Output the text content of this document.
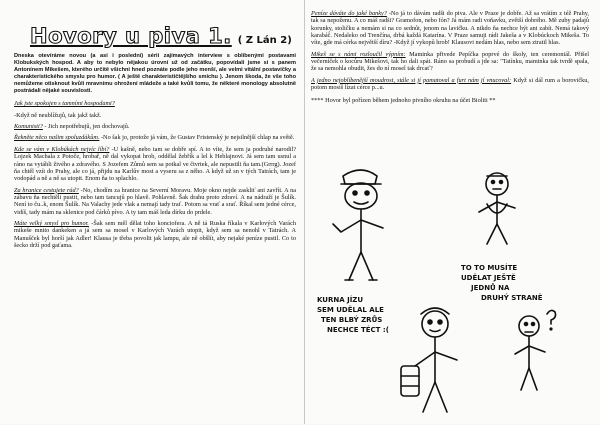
Hovory u piva 1. ( Z Lán 2)
Dneska otevíráme novou (a asi i poslední) sérii zajímavých interview s oblíbenými postavami Klobukských hospod. A aby to nebylo nějakou úrovní už od začátku, popovídali jsme si s panem Antonínem Mikešem, kterého určitě všichni hned poznáte podle jeho menší, ale velmi vitální postavičky a charakteristického smyslu pro humor. ( A ještě charakterističtějšího smíchu ). Jenom škoda, že vše toho nemůžeme otisknout kvůli mravnímu ohrožení mládeže a také kvůli tomu, že některé monology absolutně postrádali nějaké souvislosti.

Jak jste spokojen s tamními hospodami?

-Když ně neublížujů, tak jakž takž.

Komunisti? - Jich nepotřebujů, jen dochovajů.

Řekněte něco našim spoluzdákům. -No šak jo, protože já vám, že Gustav Fristenský je nejsilnější chlap na světě.

Kde se vám v Klobúkách nejvíc líbí? -U kašně, nebo tam se dobře spí. A to víte, že sem ja podruhé narodil? Lojzek Machala z Potoče, hrobař, ně dal vykopat hrob, oddělal žebřík a lel k Heblajnovi. Já sem tam usnul a ráno na vytáhli živého a zdravého. S Jozefem Zůmů sem sa potkal ve čtvrtek, ale nepustili ňa tam.(Grrrg). Jozef ňa chtěl vzít do Prahy, ale co já, přijdu na Karlův most a vyseru sa z něho. A když už sn v tých Tatrách, tam je vodopád a ně a ně sa utopit. Enom ňa to splachlo.

Za hranice cestujete rád? -No, chodím za hranice na Severní Moravu. Moje okno nejde zaskliť ani zavřít. A na zábavu ňa nechtěli pustit, nebo tam tancujů po hlavě. Pohlavně. Šak drahu proto zdraví. A na nádraží je Šulík. Není to ču..k, enom Šulík. Na Valachy jede vlak a nemají tady trať. Potom sa vrať a srať. Říkal sem jedné cérce, vidíš, tady mám na sklenice pod čárků pívo. A ty tam máš leda dírku do prdele.

Máte velký smysl pro humor. -Šak sem měl dělat toho konciofera. A ně tá Ruska říkala v Karlových Varách mikeše mnito dankeken a já sem sa mosel v Karlových Varách utopit, když sem sa nenohl v Tatrách. A Manušček byl horší jak Adler! Klausa je třeba povolit jak lampu, ale ně obšlít, aby nejaké peníze pustil. Co to šecko drží pod gaťama.

Peníze dáváte do jaké banky? -No já to dávám radši do piva. Ale v Praze je dobře. Až sa vrátím z též Prahy, tak sa nepoženu. A co máš radši? Gramofon, nebo fón? Já mám radi voňavku, zvětší dobrého. Mě zuby padajů korunky, stoličku a nemám si na co sednůt, jenom na lavičku. A nikdo ňa nechce být ani zabít. Nemá takový karabáč. Nedaleko od Trenčína, drbá každá Katarína. V Praze samuji rádi Jakeša a v Klobúckoch Mikeša. To víte, gde má cérka největší díru? -Když jí vykopů hrob! Klausovi nedám hlas, nebo sem ztratil hlas.

Mikeš se s námi rozloučil výpním: Maminka přivede Pepíčka poprvé do školy, ten ceremoniál. Přišel večerníček o kocůru Mikešovi, tak ho dali spát. Ráno sa probudí a jde sa: "Tatínku, maminka tak tvrdě spala, že sa nemohla obudit, žes do ní mosel tak drcať?

A jedno nejoblíbenější moudrost, stále si jí pamatoval a furt nám jí vnucoval: Když si dál rum a borovičku, potom mosíš lízat cérce p...u.

**** Hovor byl pořízen během jednoho pivního okruhu na účet Bioliti **

KURNA JÍZU
SEM UDĚLAL ALE
TEN BLBÝ ZRŮS
NECHCE TÉCT :(
TO TO MUSÍTE
UDĚLAT JEŠTĚ
JEDNŮ NA
DRUHÝ STRANĚ
